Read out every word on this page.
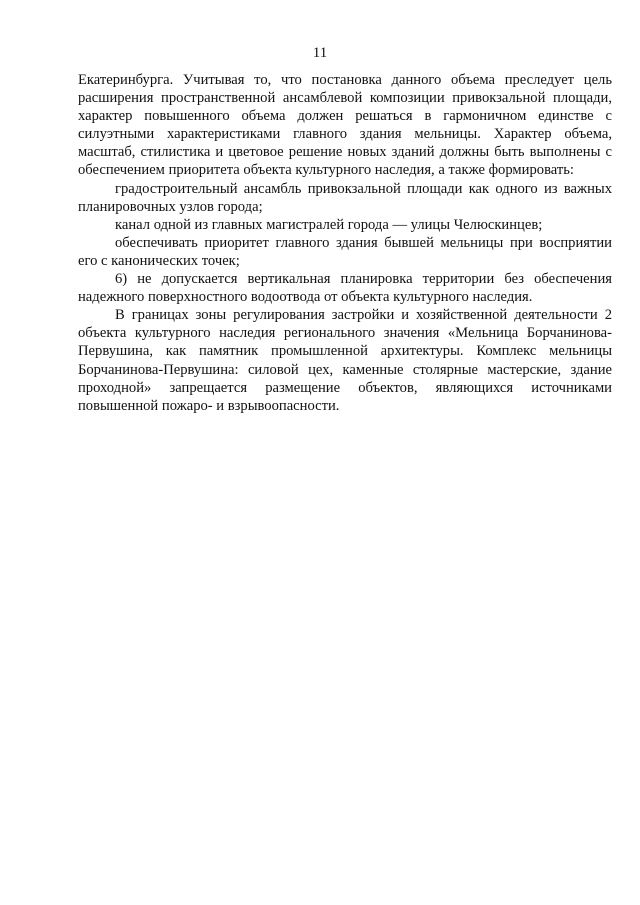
11

Екатеринбурга. Учитывая то, что постановка данного объема преследует цель расширения пространственной ансамблевой композиции привокзальной площади, характер повышенного объема должен решаться в гармоничном единстве с силуэтными характеристиками главного здания мельницы. Характер объема, масштаб, стилистика и цветовое решение новых зданий должны быть выполнены с обеспечением приоритета объекта культурного наследия, а также формировать:

градостроительный ансамбль привокзальной площади как одного из важных планировочных узлов города;

канал одной из главных магистралей города — улицы Челюскинцев;

обеспечивать приоритет главного здания бывшей мельницы при восприятии его с канонических точек;

6) не допускается вертикальная планировка территории без обеспечения надежного поверхностного водоотвода от объекта культурного наследия.

В границах зоны регулирования застройки и хозяйственной деятельности 2 объекта культурного наследия регионального значения «Мельница Борчанинова-Первушина, как памятник промышленной архитектуры. Комплекс мельницы Борчанинова-Первушина: силовой цех, каменные столярные мастерские, здание проходной» запрещается размещение объектов, являющихся источниками повышенной пожаро- и взрывоопасности.
